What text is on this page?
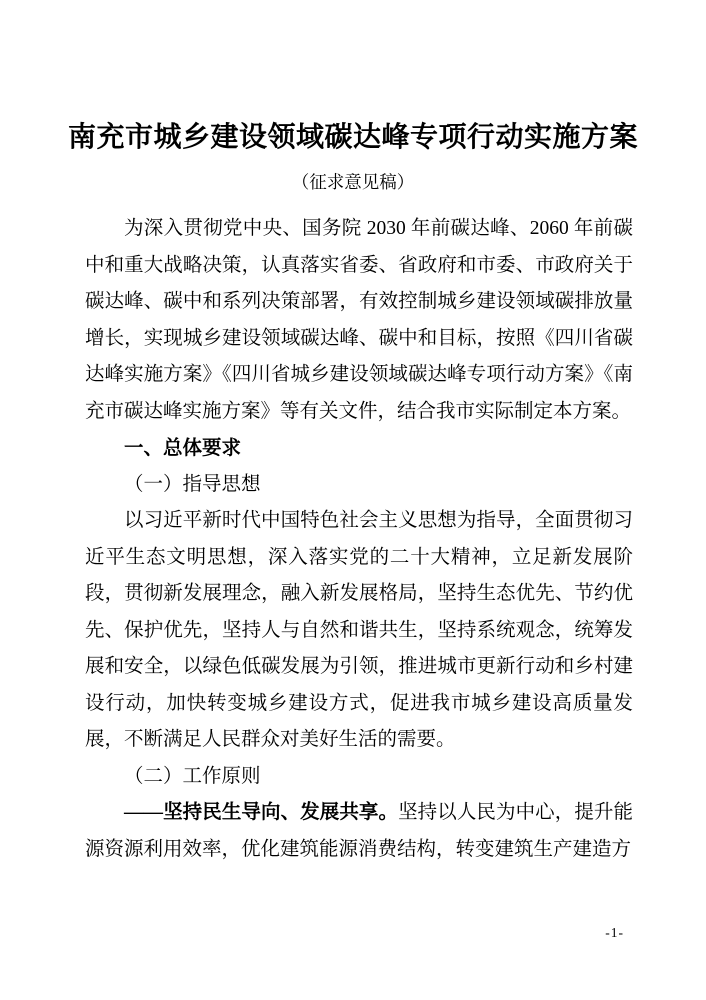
南充市城乡建设领域碳达峰专项行动实施方案
（征求意见稿）

为深入贯彻党中央、国务院 2030 年前碳达峰、2060 年前碳中和重大战略决策，认真落实省委、省政府和市委、市政府关于碳达峰、碳中和系列决策部署，有效控制城乡建设领域碳排放量增长，实现城乡建设领域碳达峰、碳中和目标，按照《四川省碳达峰实施方案》《四川省城乡建设领域碳达峰专项行动方案》《南充市碳达峰实施方案》等有关文件，结合我市实际制定本方案。

一、总体要求
（一）指导思想

以习近平新时代中国特色社会主义思想为指导，全面贯彻习近平生态文明思想，深入落实党的二十大精神，立足新发展阶段，贯彻新发展理念，融入新发展格局，坚持生态优先、节约优先、保护优先，坚持人与自然和谐共生，坚持系统观念，统筹发展和安全，以绿色低碳发展为引领，推进城市更新行动和乡村建设行动，加快转变城乡建设方式，促进我市城乡建设高质量发展，不断满足人民群众对美好生活的需要。

（二）工作原则

——坚持民生导向、发展共享。坚持以人民为中心，提升能源资源利用效率，优化建筑能源消费结构，转变建筑生产建造方

-1-
